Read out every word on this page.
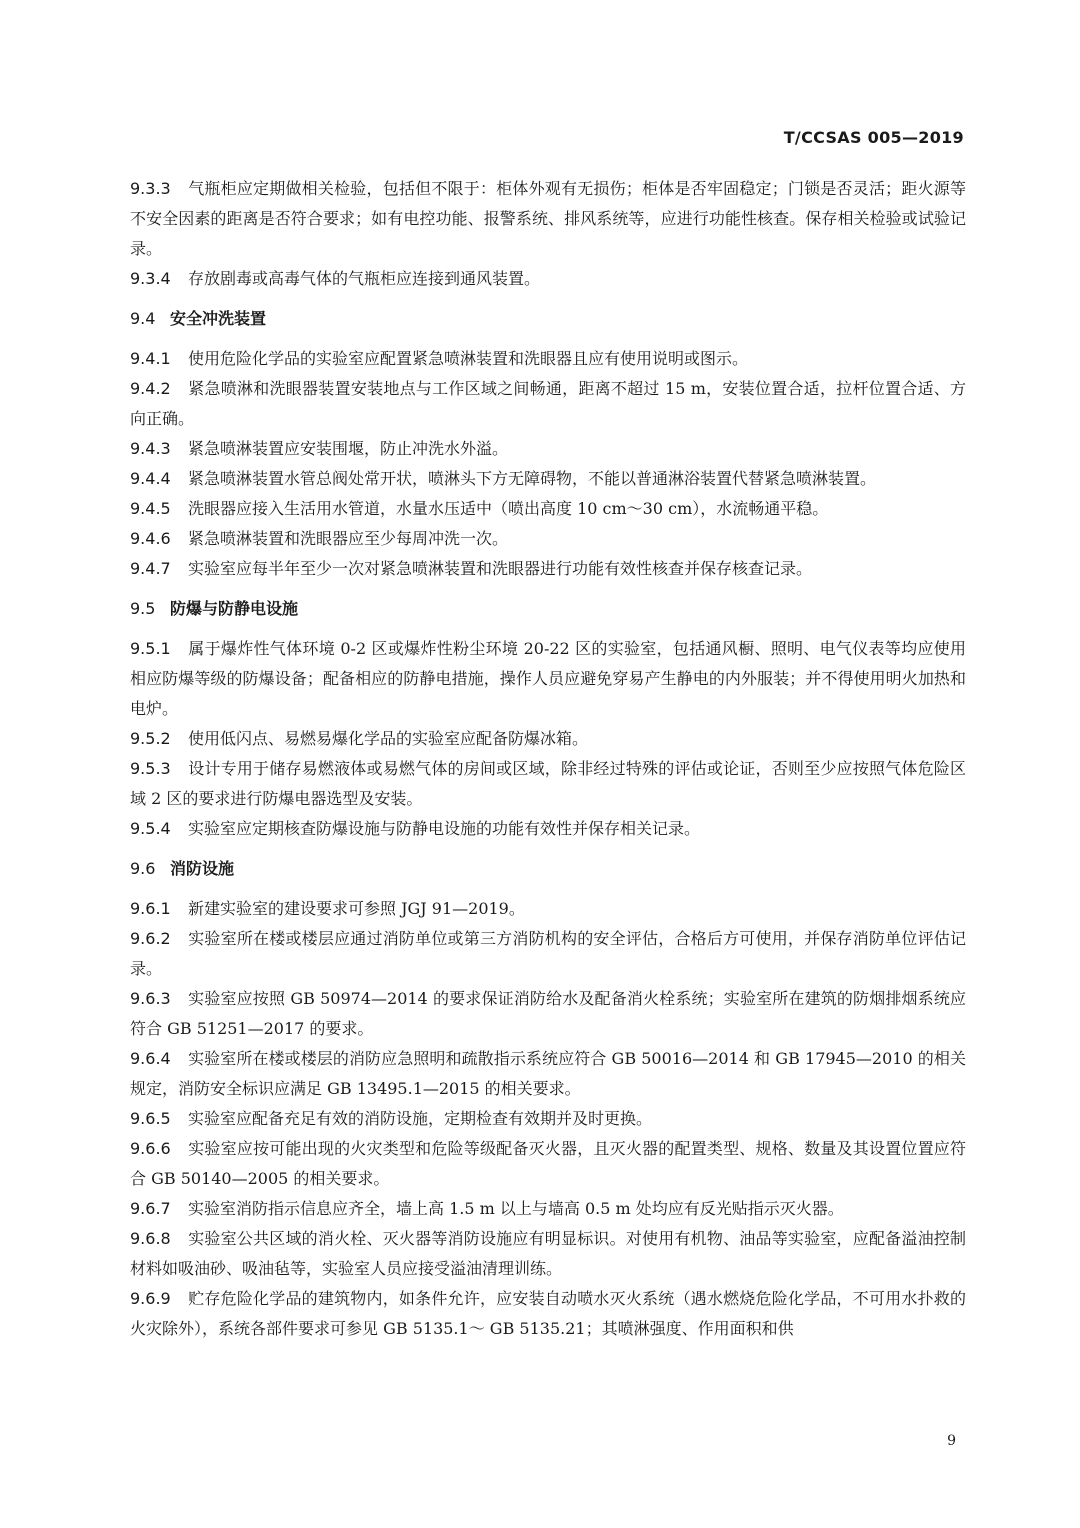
T/CCSAS 005—2019
9.3.3 气瓶柜应定期做相关检验，包括但不限于：柜体外观有无损伤；柜体是否牢固稳定；门锁是否灵活；距火源等不安全因素的距离是否符合要求；如有电控功能、报警系统、排风系统等，应进行功能性核查。保存相关检验或试验记录。
9.3.4 存放剧毒或高毒气体的气瓶柜应连接到通风装置。
9.4 安全冲洗装置
9.4.1 使用危险化学品的实验室应配置紧急喷淋装置和洗眼器且应有使用说明或图示。
9.4.2 紧急喷淋和洗眼器装置安装地点与工作区域之间畅通，距离不超过 15 m，安装位置合适，拉杆位置合适、方向正确。
9.4.3 紧急喷淋装置应安装围堰，防止冲洗水外溢。
9.4.4 紧急喷淋装置水管总阀处常开状，喷淋头下方无障碍物，不能以普通淋浴装置代替紧急喷淋装置。
9.4.5 洗眼器应接入生活用水管道，水量水压适中（喷出高度 10 cm～30 cm），水流畅通平稳。
9.4.6 紧急喷淋装置和洗眼器应至少每周冲洗一次。
9.4.7 实验室应每半年至少一次对紧急喷淋装置和洗眼器进行功能有效性核查并保存核查记录。
9.5 防爆与防静电设施
9.5.1 属于爆炸性气体环境 0-2 区或爆炸性粉尘环境 20-22 区的实验室，包括通风橱、照明、电气仪表等均应使用相应防爆等级的防爆设备；配备相应的防静电措施，操作人员应避免穿易产生静电的内外服装；并不得使用明火加热和电炉。
9.5.2 使用低闪点、易燃易爆化学品的实验室应配备防爆冰箱。
9.5.3 设计专用于储存易燃液体或易燃气体的房间或区域，除非经过特殊的评估或论证，否则至少应按照气体危险区域 2 区的要求进行防爆电器选型及安装。
9.5.4 实验室应定期核查防爆设施与防静电设施的功能有效性并保存相关记录。
9.6 消防设施
9.6.1 新建实验室的建设要求可参照 JGJ 91—2019。
9.6.2 实验室所在楼或楼层应通过消防单位或第三方消防机构的安全评估，合格后方可使用，并保存消防单位评估记录。
9.6.3 实验室应按照 GB 50974—2014 的要求保证消防给水及配备消火栓系统；实验室所在建筑的防烟排烟系统应符合 GB 51251—2017 的要求。
9.6.4 实验室所在楼或楼层的消防应急照明和疏散指示系统应符合 GB 50016—2014 和 GB 17945—2010 的相关规定，消防安全标识应满足 GB 13495.1—2015 的相关要求。
9.6.5 实验室应配备充足有效的消防设施，定期检查有效期并及时更换。
9.6.6 实验室应按可能出现的火灾类型和危险等级配备灭火器，且灭火器的配置类型、规格、数量及其设置位置应符合 GB 50140—2005 的相关要求。
9.6.7 实验室消防指示信息应齐全，墙上高 1.5 m 以上与墙高 0.5 m 处均应有反光贴指示灭火器。
9.6.8 实验室公共区域的消火栓、灭火器等消防设施应有明显标识。对使用有机物、油品等实验室，应配备溢油控制材料如吸油砂、吸油毡等，实验室人员应接受溢油清理训练。
9.6.9 贮存危险化学品的建筑物内，如条件允许，应安装自动喷水灭火系统（遇水燃烧危险化学品，不可用水扑救的火灾除外），系统各部件要求可参见 GB 5135.1～ GB 5135.21；其喷淋强度、作用面积和供
9
